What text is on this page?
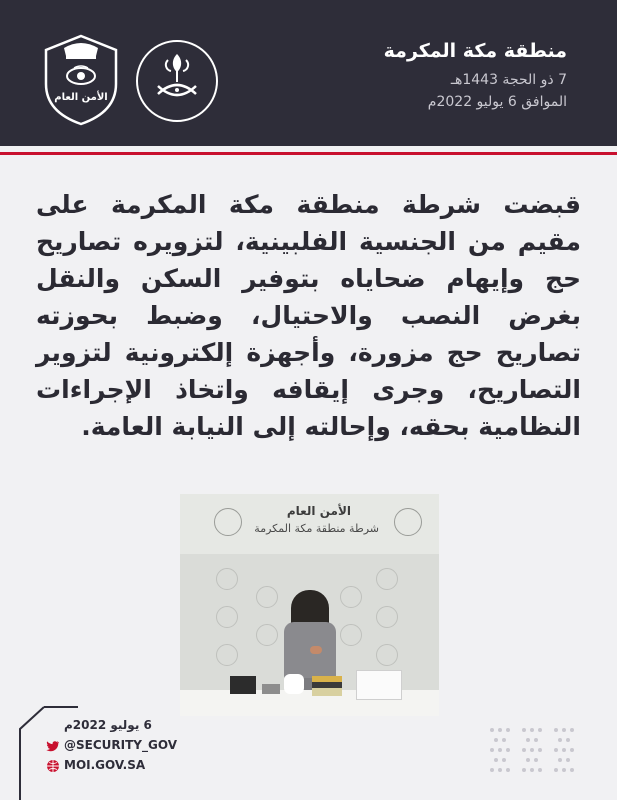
الأمن العام
منطقة مكة المكرمة
7 ذو الحجة 1443هـ
الموافق 6 يوليو 2022م
قبضت شرطة منطقة مكة المكرمة على مقيم من الجنسية الفلبينية، لتزويره تصاريح حج وإيهام ضحاياه بتوفير السكن والنقل بغرض النصب والاحتيال، وضبط بحوزته تصاريح حج مزورة، وأجهزة إلكترونية لتزوير التصاريح، وجرى إيقافه واتخاذ الإجراءات النظامية بحقه، وإحالته إلى النيابة العامة.
الأمن العام
شرطة منطقة مكة المكرمة
6 يوليو 2022م
@SECURITY_GOV
MOI.GOV.SA
